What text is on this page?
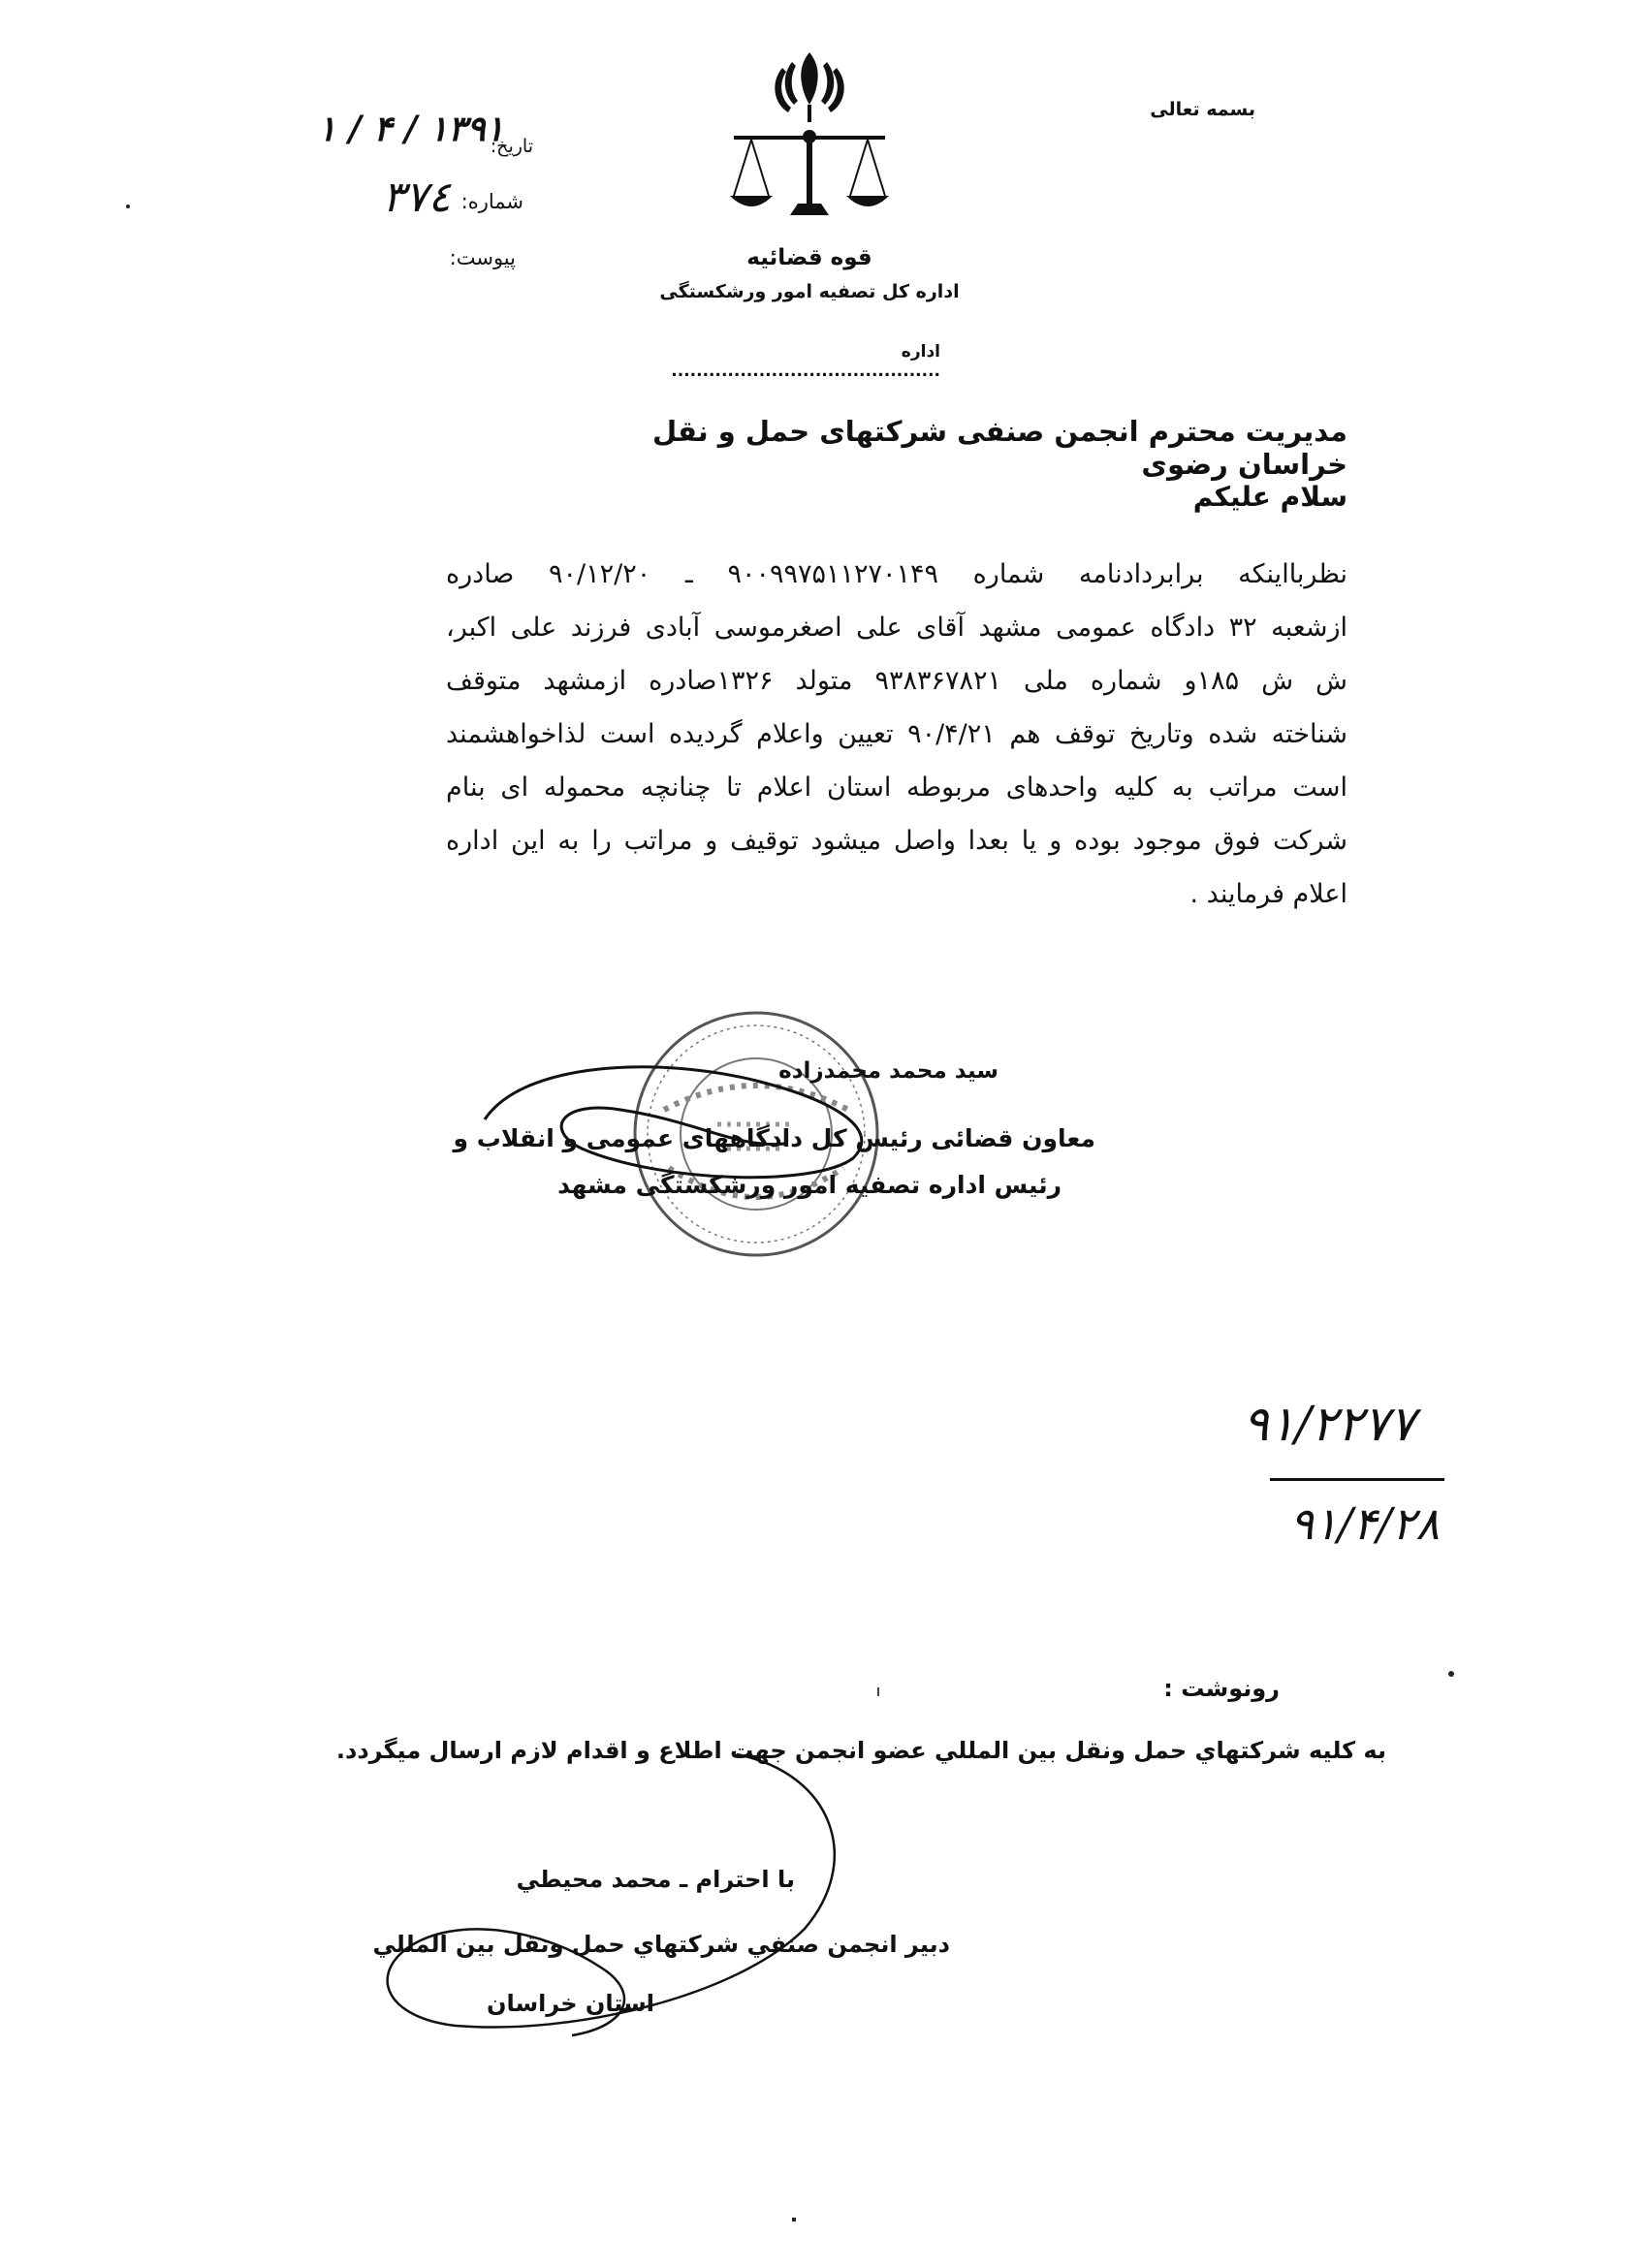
بسمه تعالی
قوه قضائیه
اداره کل تصفیه امور ورشکستگی
اداره ...........................................
تاریخ:
۱۳۹۱ / ۴ / ۱
شماره:
۳۷٤
پیوست:
مدیریت محترم انجمن صنفی شرکتهای حمل و نقل خراسان رضوی
سلام علیکم
نظربااینکه برابردادنامه شماره ۹۰۰۹۹۷۵۱۱۲۷۰۱۴۹ ـ ۹۰/۱۲/۲۰ صادره
ازشعبه ۳۲ دادگاه عمومی مشهد آقای علی اصغرموسی آبادی فرزند علی اکبر،
ش ش ۱۸۵و شماره ملی ۹۳۸۳۶۷۸۲۱ متولد ۱۳۲۶صادره ازمشهد متوقف
شناخته شده وتاریخ توقف هم ۹۰/۴/۲۱ تعیین واعلام گردیده است لذاخواهشمند
است مراتب به کلیه واحدهای مربوطه استان اعلام تا چنانچه محموله ای بنام
شرکت فوق موجود بوده و یا بعدا واصل میشود توقیف و مراتب را به این اداره
اعلام فرمایند .
سید محمد محمدزاده
معاون قضائی رئیس کل دادگاههای عمومی و انقلاب و
رئیس اداره تصفیه امور ورشکستگی مشهد
۹۱/۲۲۷۷
۹۱/۴/۲۸
رونوشت :
به كليه شركتهاي حمل ونقل بين المللي عضو انجمن جهت اطلاع و اقدام لازم ارسال ميگردد.
با احترام ـ محمد محيطي
دبير انجمن صنفي شركتهاي حمل ونقل بين المللي
استان خراسان
